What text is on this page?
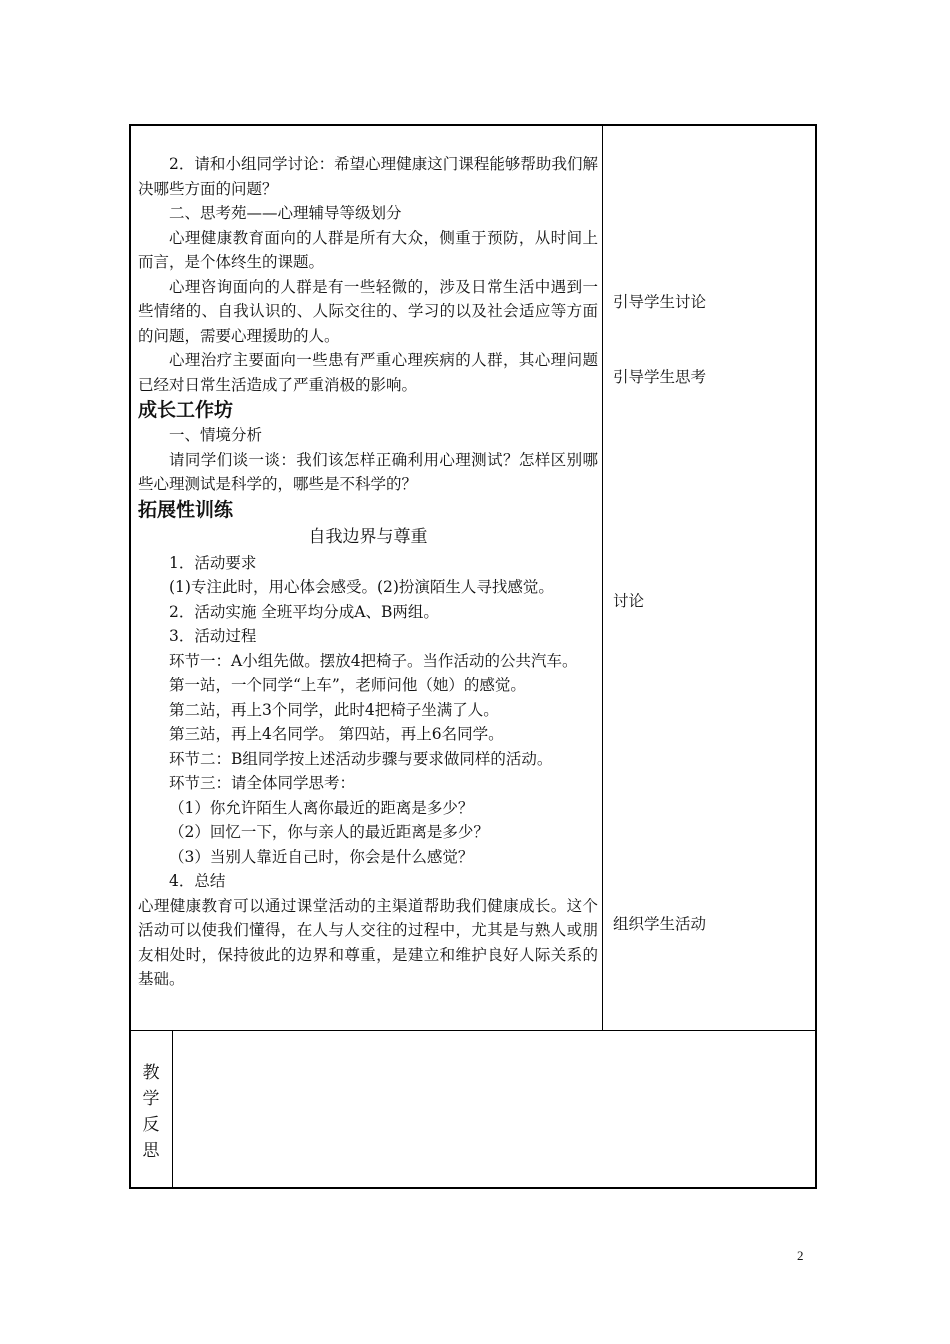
2．请和小组同学讨论：希望心理健康这门课程能够帮助我们解决哪些方面的问题？

二、思考苑——心理辅导等级划分

心理健康教育面向的人群是所有大众，侧重于预防，从时间上而言，是个体终生的课题。

心理咨询面向的人群是有一些轻微的，涉及日常生活中遇到一些情绪的、自我认识的、人际交往的、学习的以及社会适应等方面的问题，需要心理援助的人。

心理治疗主要面向一些患有严重心理疾病的人群，其心理问题已经对日常生活造成了严重消极的影响。

成长工作坊

一、情境分析

请同学们谈一谈：我们该怎样正确利用心理测试？怎样区别哪些心理测试是科学的，哪些是不科学的？

拓展性训练

自我边界与尊重

1．活动要求

(1)专注此时，用心体会感受。(2)扮演陌生人寻找感觉。

2．活动实施 全班平均分成A、B两组。

3．活动过程

环节一：A小组先做。摆放4把椅子。当作活动的公共汽车。

第一站，一个同学“上车”，老师问他（她）的感觉。

第二站，再上3个同学，此时4把椅子坐满了人。

第三站，再上4名同学。 第四站，再上6名同学。

环节二：B组同学按上述活动步骤与要求做同样的活动。

环节三：请全体同学思考：

（1）你允许陌生人离你最近的距离是多少？

（2）回忆一下，你与亲人的最近距离是多少？

（3）当别人靠近自己时，你会是什么感觉？

4．总结

心理健康教育可以通过课堂活动的主渠道帮助我们健康成长。这个活动可以使我们懂得，在人与人交往的过程中，尤其是与熟人或朋友相处时，保持彼此的边界和尊重，是建立和维护良好人际关系的基础。

引导学生讨论
引导学生思考
讨论
组织学生活动
教
学
反
思
2
